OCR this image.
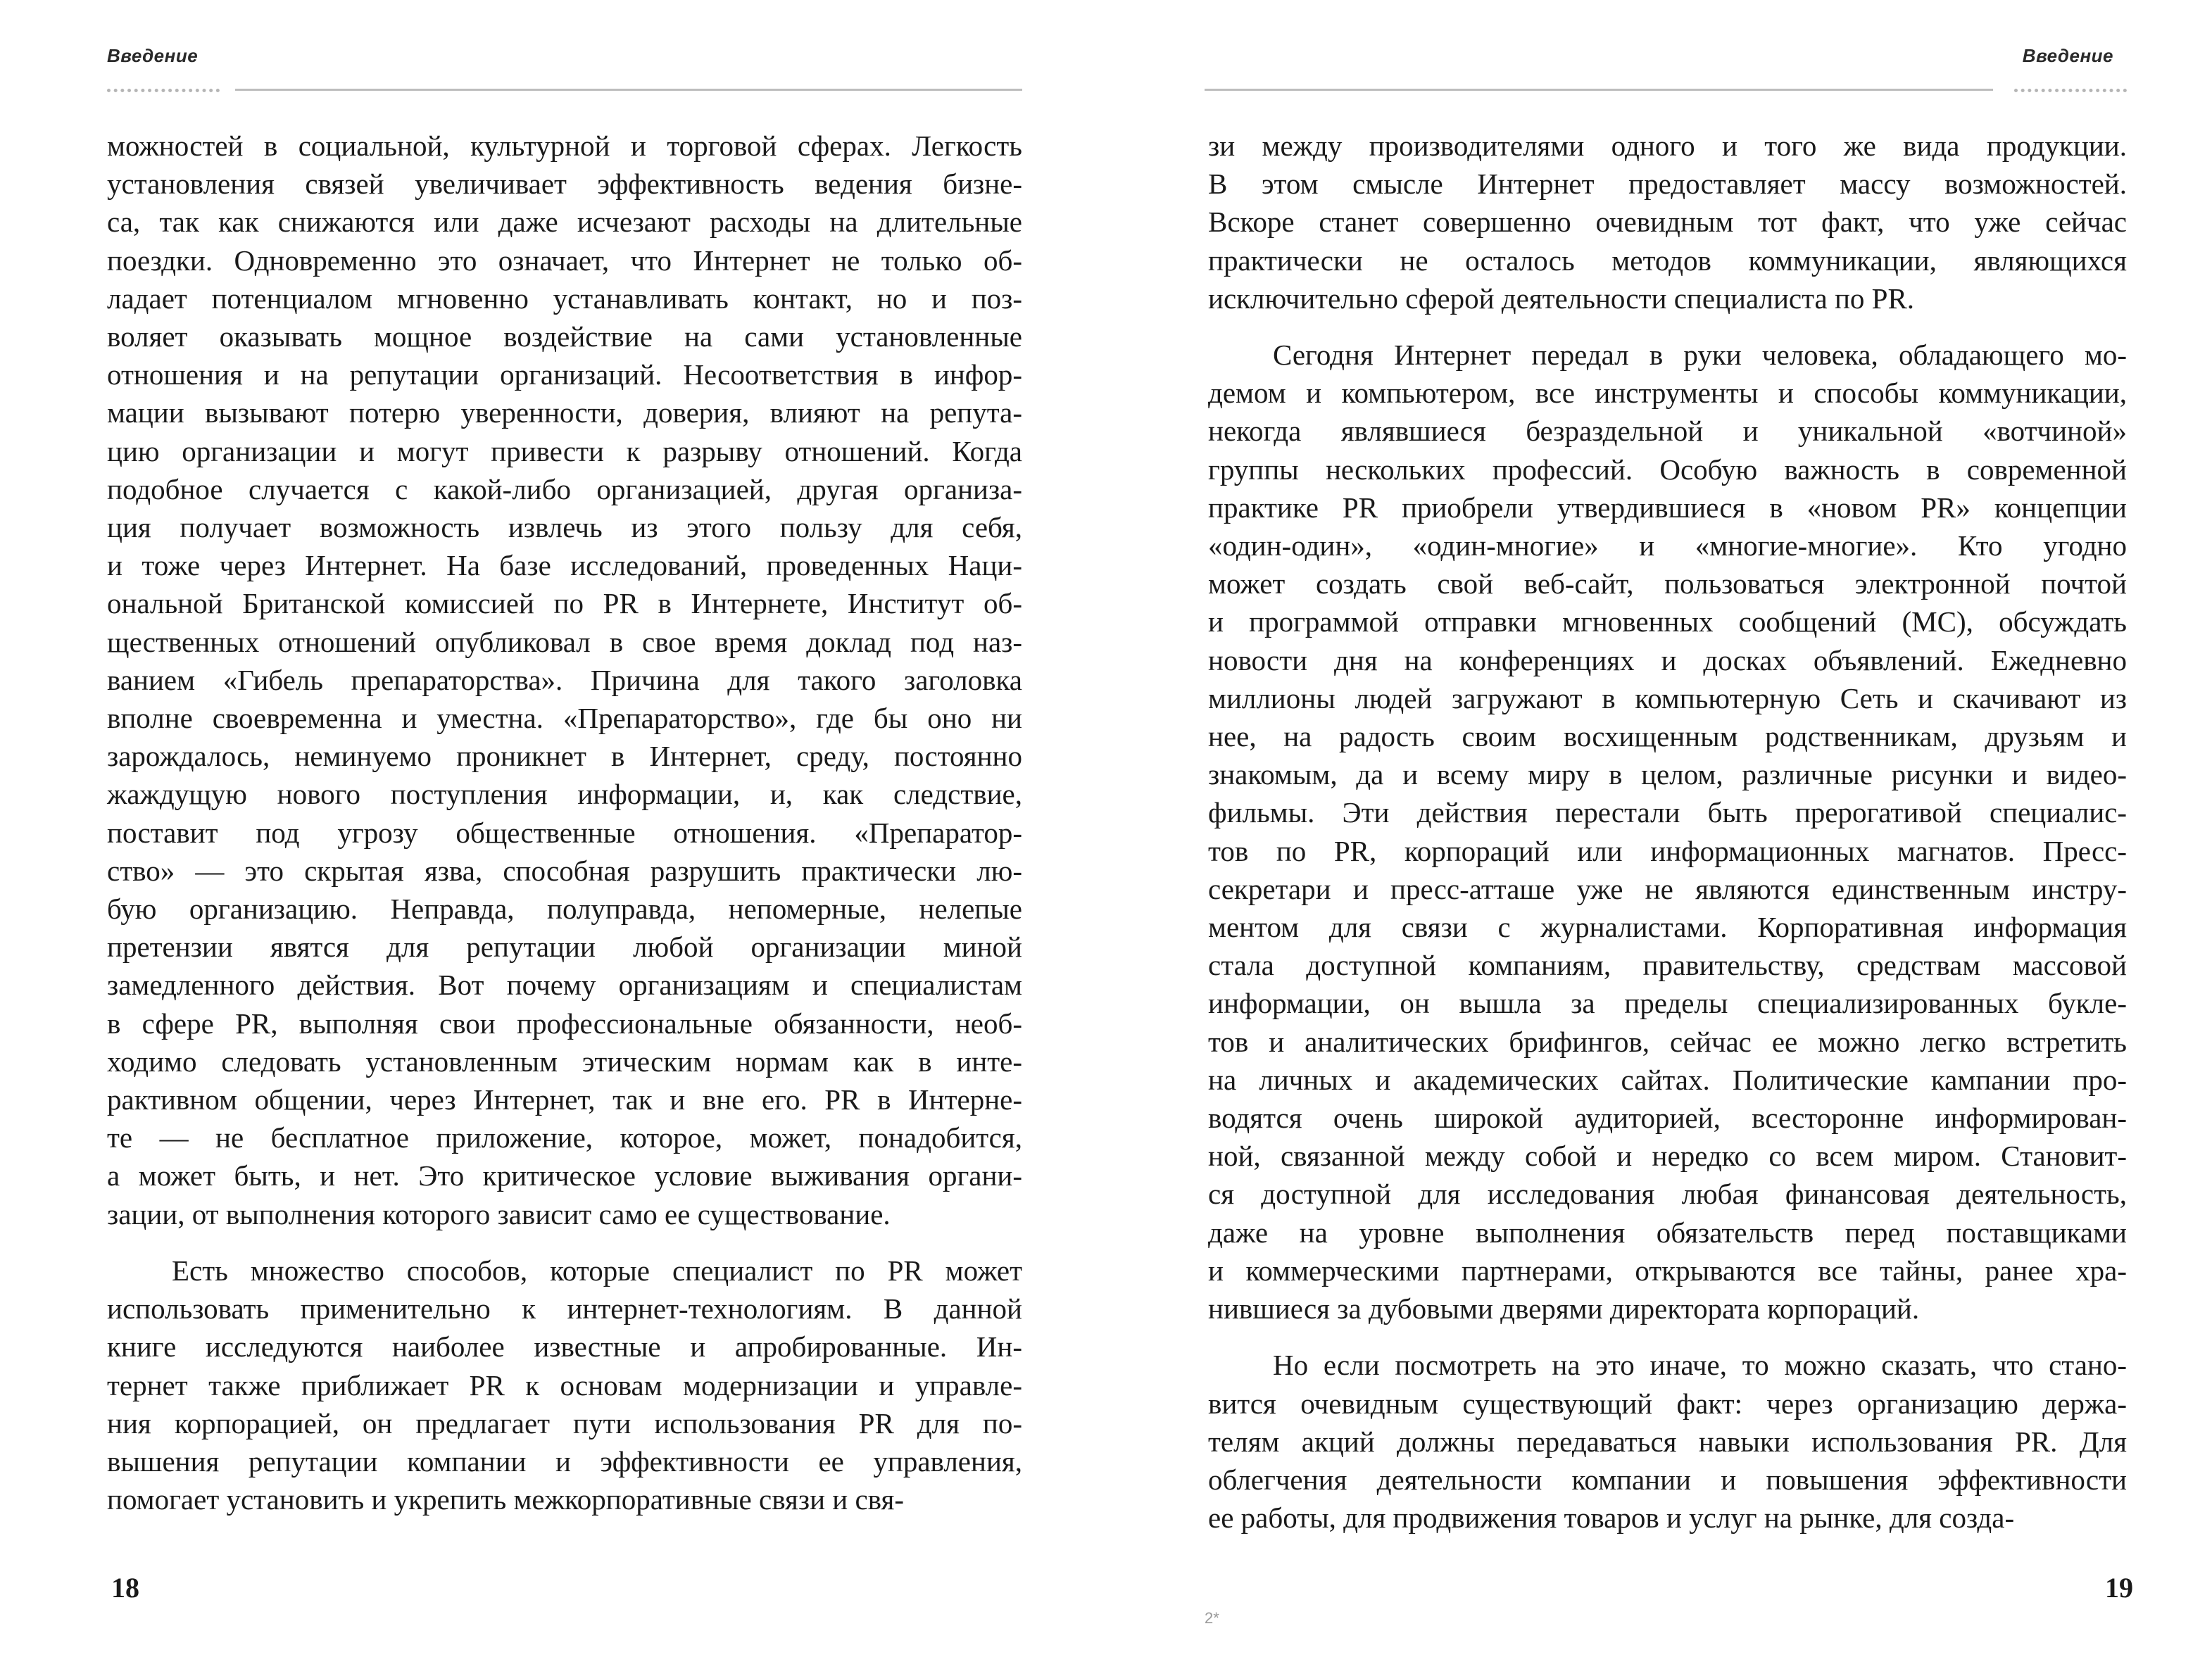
Введение
можностей в социальной, культурной и торговой сферах. Легкость
установления связей увеличивает эффективность ведения бизне-
са, так как снижаются или даже исчезают расходы на длительные
поездки. Одновременно это означает, что Интернет не только об-
ладает потенциалом мгновенно устанавливать контакт, но и поз-
воляет оказывать мощное воздействие на сами установленные
отношения и на репутации организаций. Несоответствия в инфор-
мации вызывают потерю уверенности, доверия, влияют на репута-
цию организации и могут привести к разрыву отношений. Когда
подобное случается с какой-либо организацией, другая организа-
ция получает возможность извлечь из этого пользу для себя,
и тоже через Интернет. На базе исследований, проведенных Наци-
ональной Британской комиссией по PR в Интернете, Институт об-
щественных отношений опубликовал в свое время доклад под наз-
ванием «Гибель препараторства». Причина для такого заголовка
вполне своевременна и уместна. «Препараторство», где бы оно ни
зарождалось, неминуемо проникнет в Интернет, среду, постоянно
жаждущую нового поступления информации, и, как следствие,
поставит под угрозу общественные отношения. «Препаратор-
ство» — это скрытая язва, способная разрушить практически лю-
бую организацию. Неправда, полуправда, непомерные, нелепые
претензии явятся для репутации любой организации миной
замедленного действия. Вот почему организациям и специалистам
в сфере PR, выполняя свои профессиональные обязанности, необ-
ходимо следовать установленным этическим нормам как в инте-
рактивном общении, через Интернет, так и вне его. PR в Интерне-
те — не бесплатное приложение, которое, может, понадобится,
а может быть, и нет. Это критическое условие выживания органи-
зации, от выполнения которого зависит само ее существование.
Есть множество способов, которые специалист по PR может
использовать применительно к интернет-технологиям. В данной
книге исследуются наиболее известные и апробированные. Ин-
тернет также приближает PR к основам модернизации и управле-
ния корпорацией, он предлагает пути использования PR для по-
вышения репутации компании и эффективности ее управления,
помогает установить и укрепить межкорпоративные связи и свя-
18
Введение
зи между производителями одного и того же вида продукции.
В этом смысле Интернет предоставляет массу возможностей.
Вскоре станет совершенно очевидным тот факт, что уже сейчас
практически не осталось методов коммуникации, являющихся
исключительно сферой деятельности специалиста по PR.
Сегодня Интернет передал в руки человека, обладающего мо-
демом и компьютером, все инструменты и способы коммуникации,
некогда являвшиеся безраздельной и уникальной «вотчиной»
группы нескольких профессий. Особую важность в современной
практике PR приобрели утвердившиеся в «новом PR» концепции
«один-один», «один-многие» и «многие-многие». Кто угодно
может создать свой веб-сайт, пользоваться электронной почтой
и программой отправки мгновенных сообщений (МС), обсуждать
новости дня на конференциях и досках объявлений. Ежедневно
миллионы людей загружают в компьютерную Сеть и скачивают из
нее, на радость своим восхищенным родственникам, друзьям и
знакомым, да и всему миру в целом, различные рисунки и видео-
фильмы. Эти действия перестали быть прерогативой специалис-
тов по PR, корпораций или информационных магнатов. Пресс-
секретари и пресс-атташе уже не являются единственным инстру-
ментом для связи с журналистами. Корпоративная информация
стала доступной компаниям, правительству, средствам массовой
информации, он вышла за пределы специализированных букле-
тов и аналитических брифингов, сейчас ее можно легко встретить
на личных и академических сайтах. Политические кампании про-
водятся очень широкой аудиторией, всесторонне информирован-
ной, связанной между собой и нередко со всем миром. Становит-
ся доступной для исследования любая финансовая деятельность,
даже на уровне выполнения обязательств перед поставщиками
и коммерческими партнерами, открываются все тайны, ранее хра-
нившиеся за дубовыми дверями директората корпораций.
Но если посмотреть на это иначе, то можно сказать, что стано-
вится очевидным существующий факт: через организацию держа-
телям акций должны передаваться навыки использования PR. Для
облегчения деятельности компании и повышения эффективности
ее работы, для продвижения товаров и услуг на рынке, для созда-
19
2*
